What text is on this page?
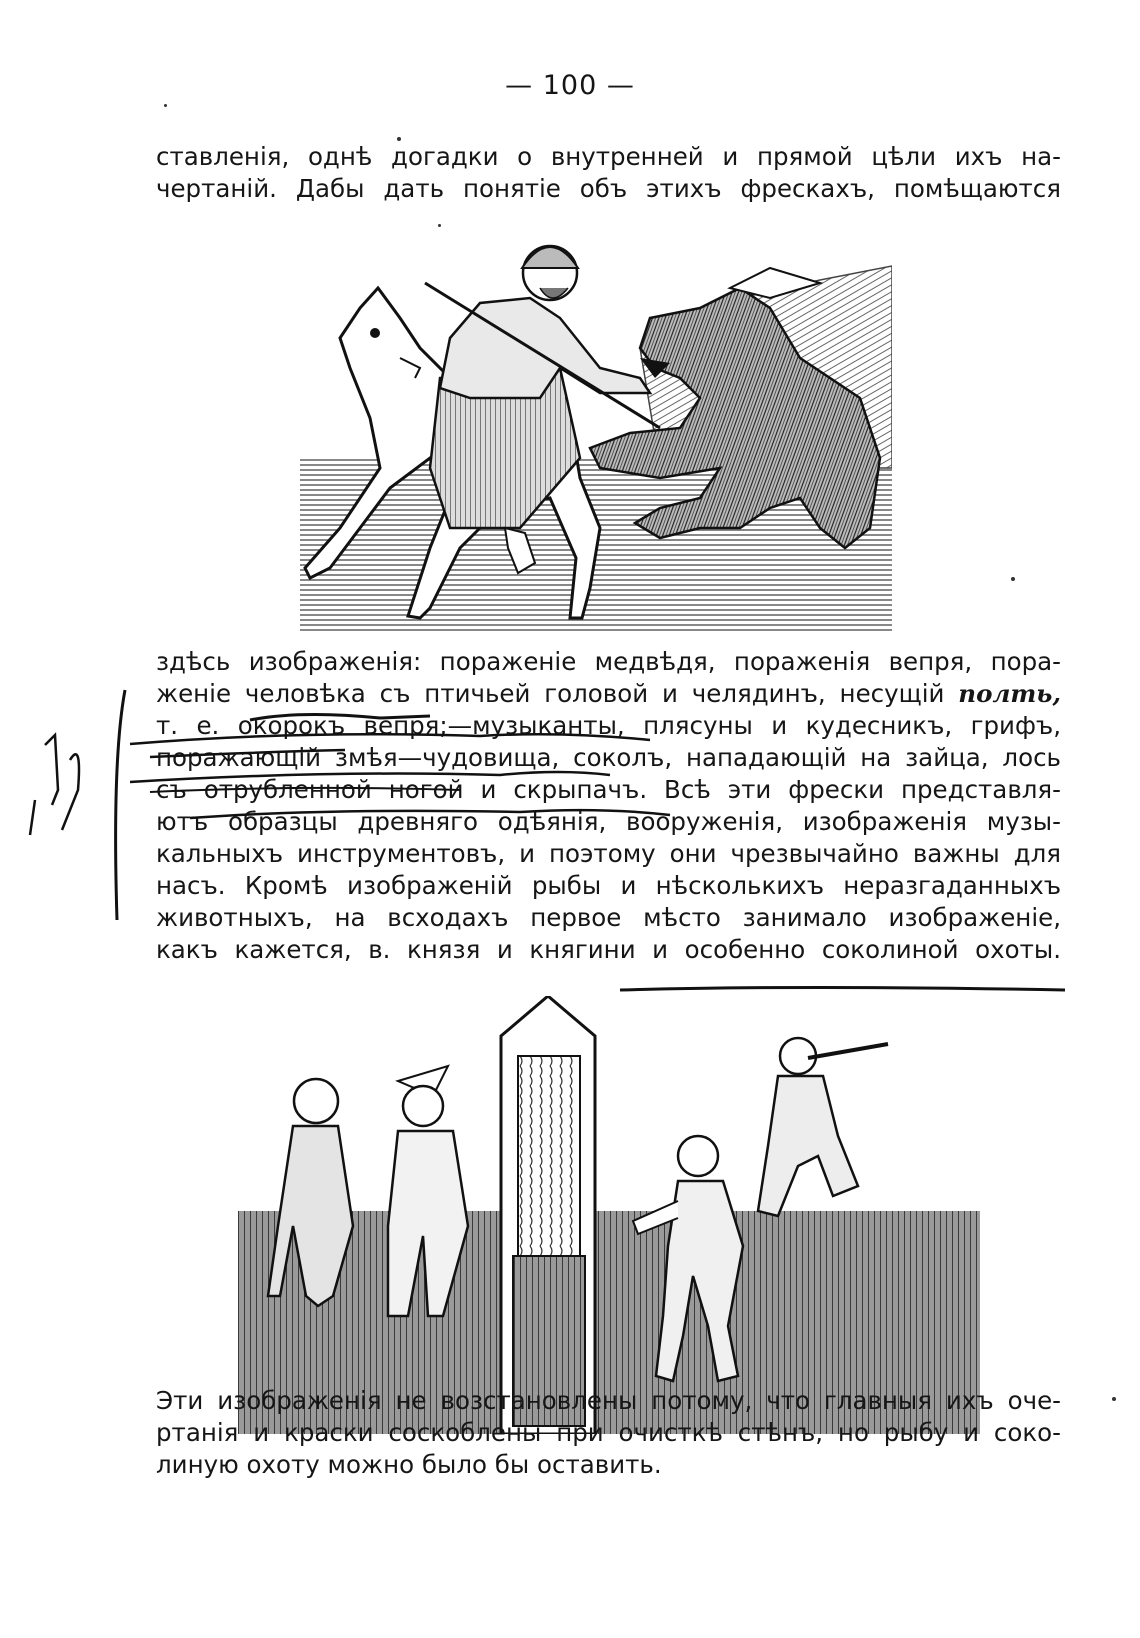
— 100 —
ставленія, однѣ догадки о внутренней и прямой цѣли ихъ на-
чертаній. Дабы дать понятіе объ этихъ фрескахъ, помѣщаются
здѣсь изображенія: пораженіе медвѣдя, пораженія вепря, пора-
женіе человѣка съ птичьей головой и челядинъ, несущій полть,
т. е. окорокъ вепря;—музыканты, плясуны и кудесникъ, грифъ,
поражающій змѣя—чудовища, соколъ, нападающій на зайца, лось
съ отрубленной ногой и скрыпачъ. Всѣ эти фрески представля-
ютъ образцы древняго одѣянія, вооруженія, изображенія музы-
кальныхъ инструментовъ, и поэтому они чрезвычайно важны для
насъ. Кромѣ изображеній рыбы и нѣсколькихъ неразгаданныхъ
животныхъ, на всходахъ первое мѣсто занимало изображеніе,
какъ кажется, в. князя и княгини и особенно соколиной охоты.
Эти изображенія не возстановлены потому, что главныя ихъ оче-
ртанія и краски соскоблены при очисткѣ стѣнъ, но рыбу и соко-
линую охоту можно было бы оставить.
